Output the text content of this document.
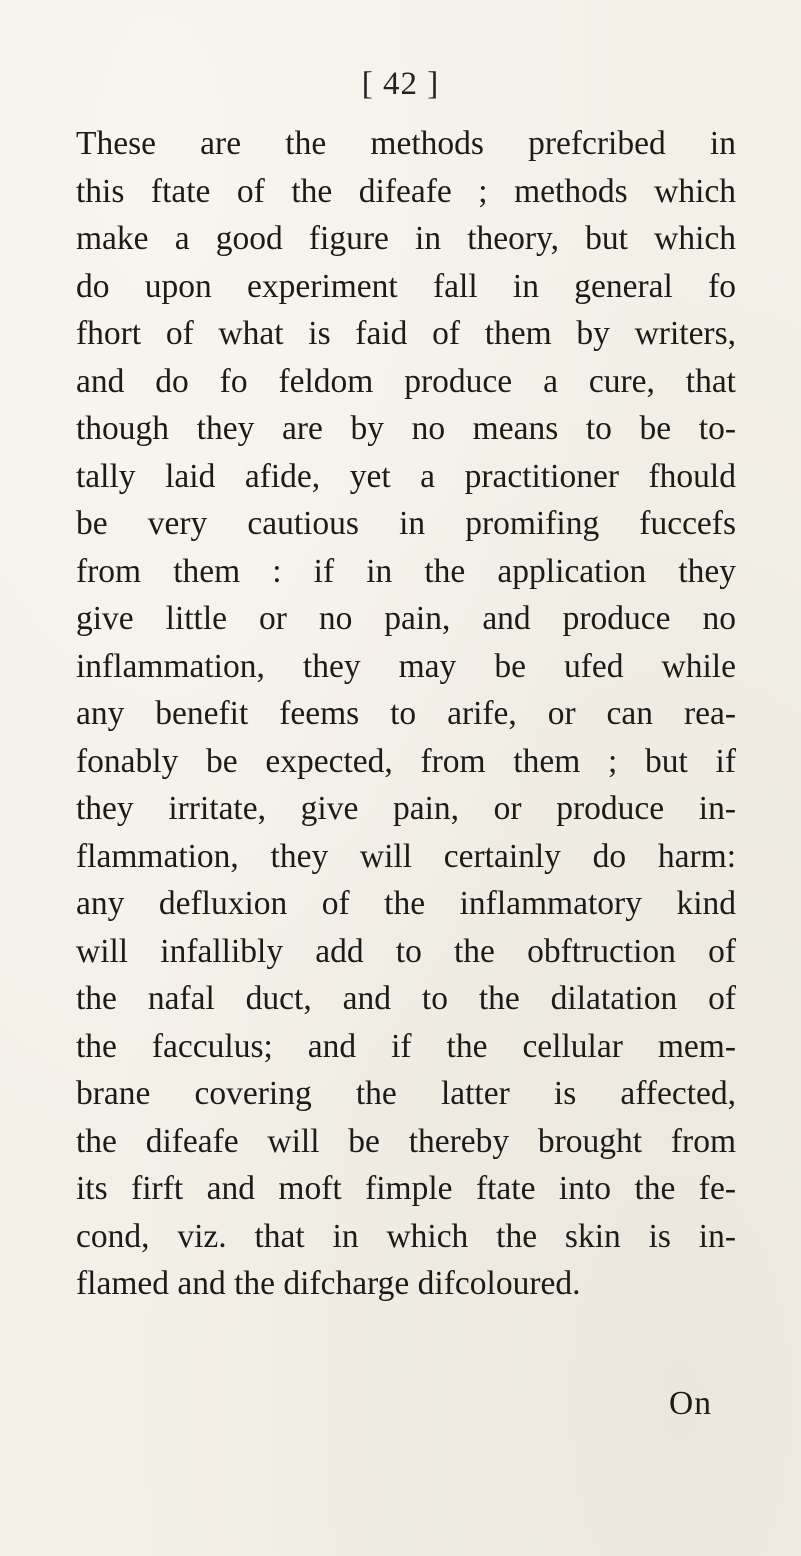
[ 42 ]
These are the methods prefcribed in
this ftate of the difeafe ; methods which
make a good figure in theory, but which
do upon experiment fall in general fo
fhort of what is faid of them by writers,
and do fo feldom produce a cure, that
though they are by no means to be to-
tally laid afide, yet a practitioner fhould
be very cautious in promifing fuccefs
from them : if in the application they
give little or no pain, and produce no
inflammation, they may be ufed while
any benefit feems to arife, or can rea-
fonably be expected, from them ; but if
they irritate, give pain, or produce in-
flammation, they will certainly do harm:
any defluxion of the inflammatory kind
will infallibly add to the obftruction of
the nafal duct, and to the dilatation of
the facculus; and if the cellular mem-
brane covering the latter is affected,
the difeafe will be thereby brought from
its firft and moft fimple ftate into the fe-
cond, viz. that in which the skin is in-
flamed and the difcharge difcoloured.
On
